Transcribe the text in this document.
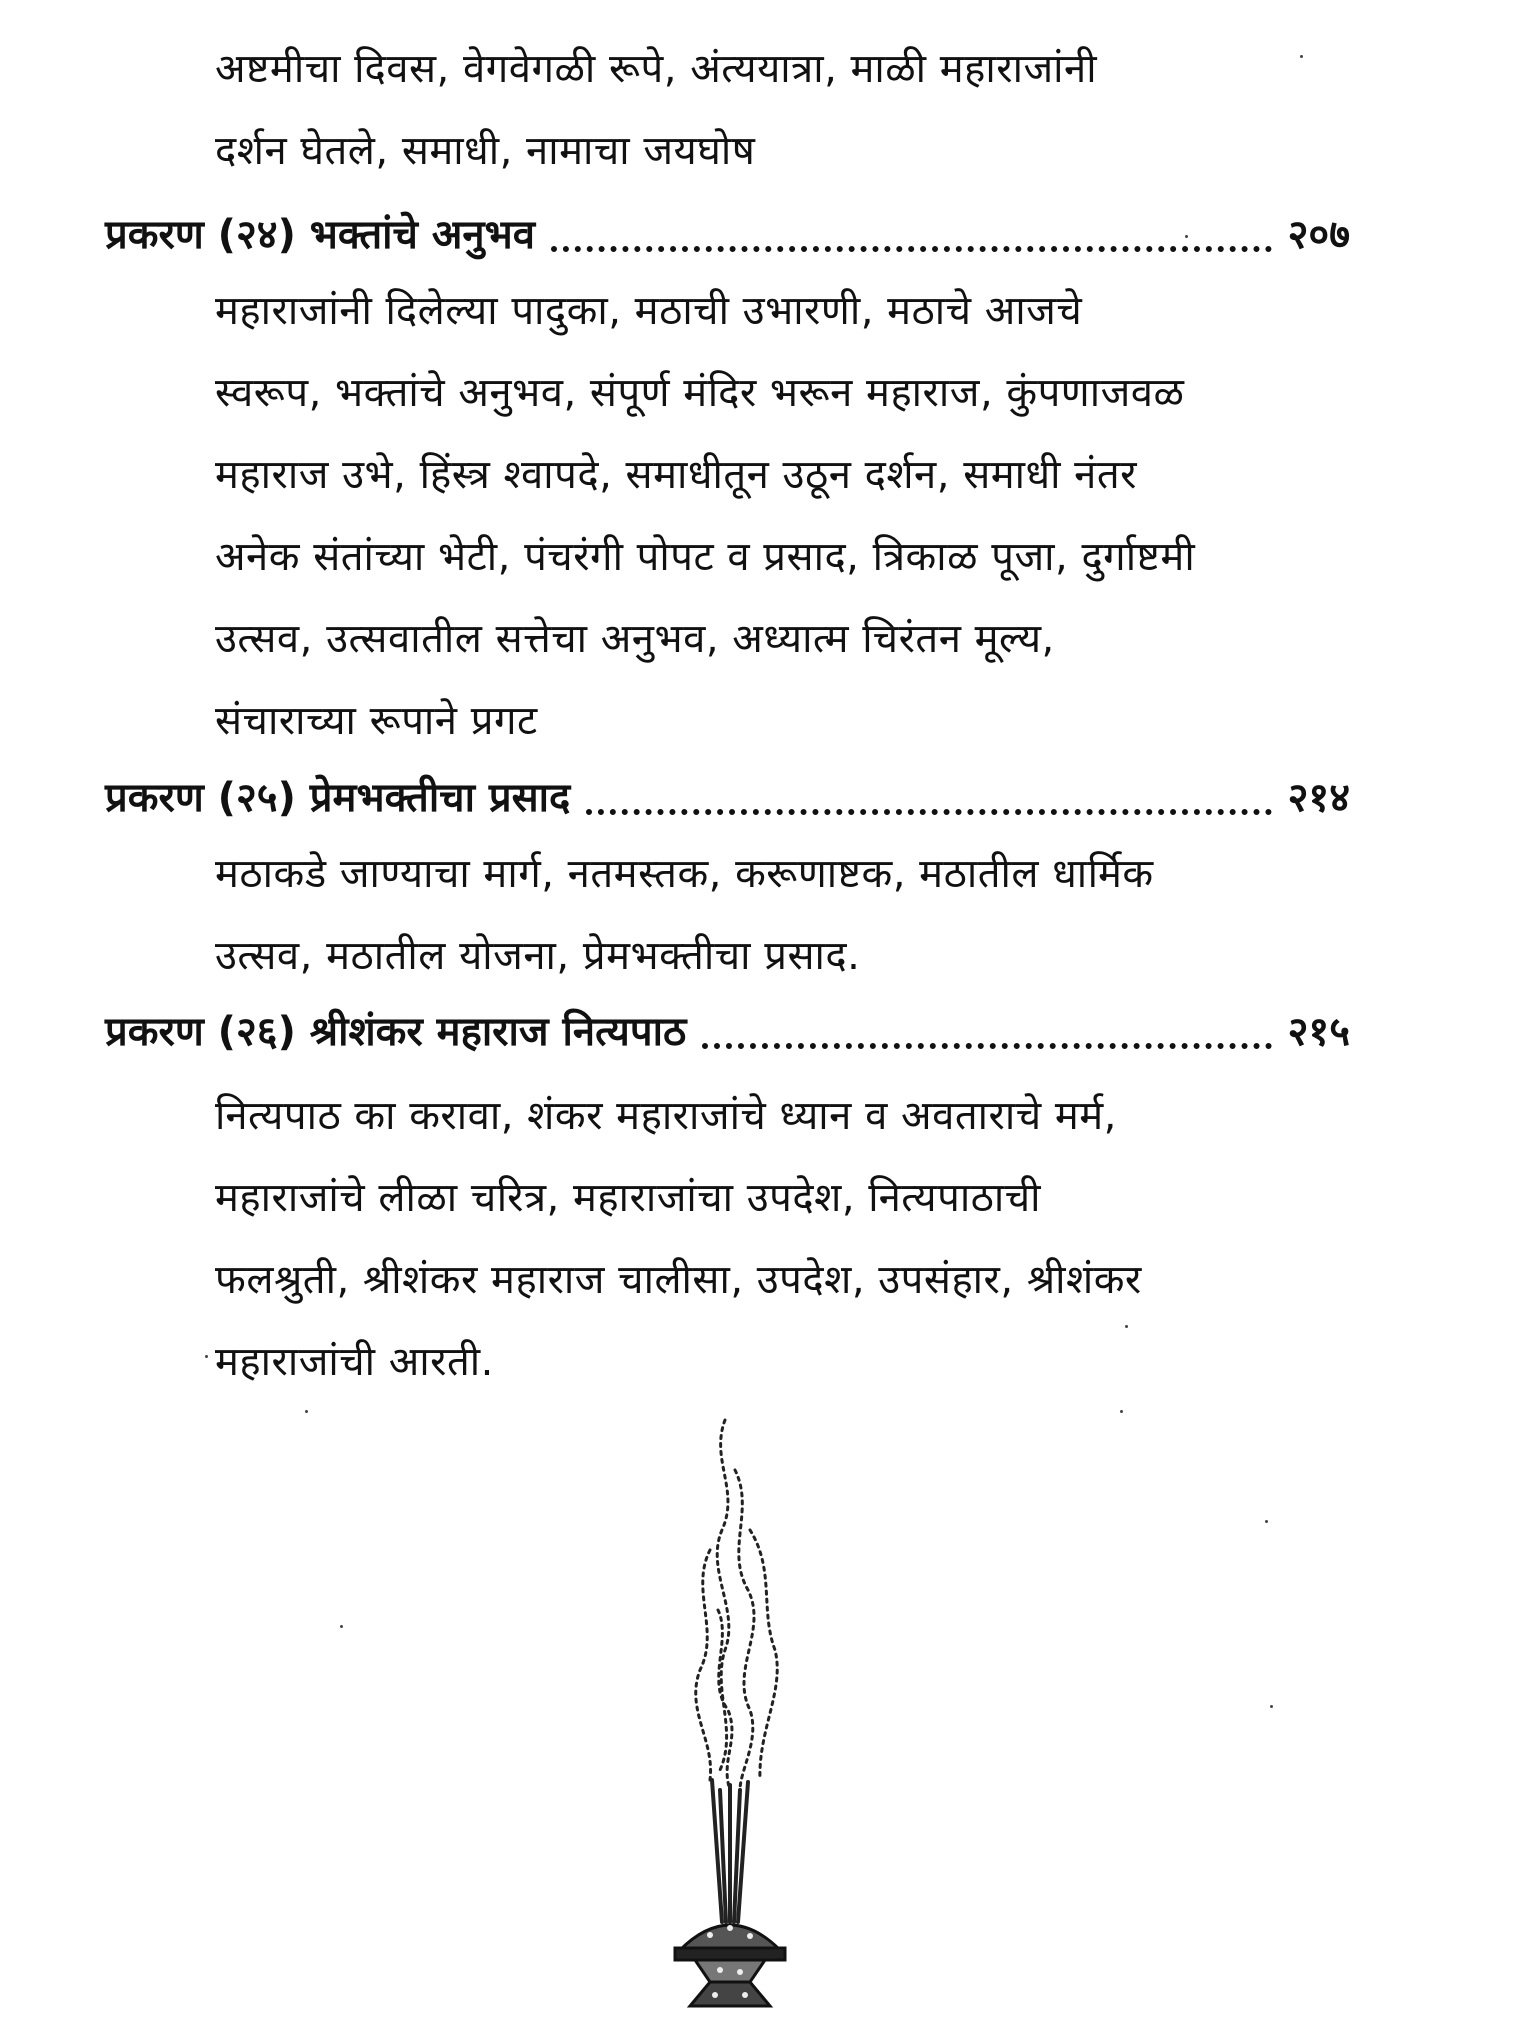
अष्टमीचा दिवस, वेगवेगळी रूपे, अंत्ययात्रा, माळी महाराजांनी
दर्शन घेतले, समाधी, नामाचा जयघोष
प्रकरण (२४) भक्तांचे अनुभव	२०७
महाराजांनी दिलेल्या पादुका, मठाची उभारणी, मठाचे आजचे
स्वरूप, भक्तांचे अनुभव, संपूर्ण मंदिर भरून महाराज, कुंपणाजवळ
महाराज उभे, हिंस्त्र श्वापदे, समाधीतून उठून दर्शन, समाधी नंतर
अनेक संतांच्या भेटी, पंचरंगी पोपट व प्रसाद, त्रिकाळ पूजा, दुर्गाष्टमी
उत्सव, उत्सवातील सत्तेचा अनुभव, अध्यात्म चिरंतन मूल्य,
संचाराच्या रूपाने प्रगट
प्रकरण (२५) प्रेमभक्तीचा प्रसाद	२१४
मठाकडे जाण्याचा मार्ग, नतमस्तक, करूणाष्टक, मठातील धार्मिक
उत्सव, मठातील योजना, प्रेमभक्तीचा प्रसाद.
प्रकरण (२६) श्रीशंकर महाराज नित्यपाठ	२१५
नित्यपाठ का करावा, शंकर महाराजांचे ध्यान व अवताराचे मर्म,
महाराजांचे लीळा चरित्र, महाराजांचा उपदेश, नित्यपाठाची
फलश्रुती, श्रीशंकर महाराज चालीसा, उपदेश, उपसंहार, श्रीशंकर
महाराजांची आरती.
